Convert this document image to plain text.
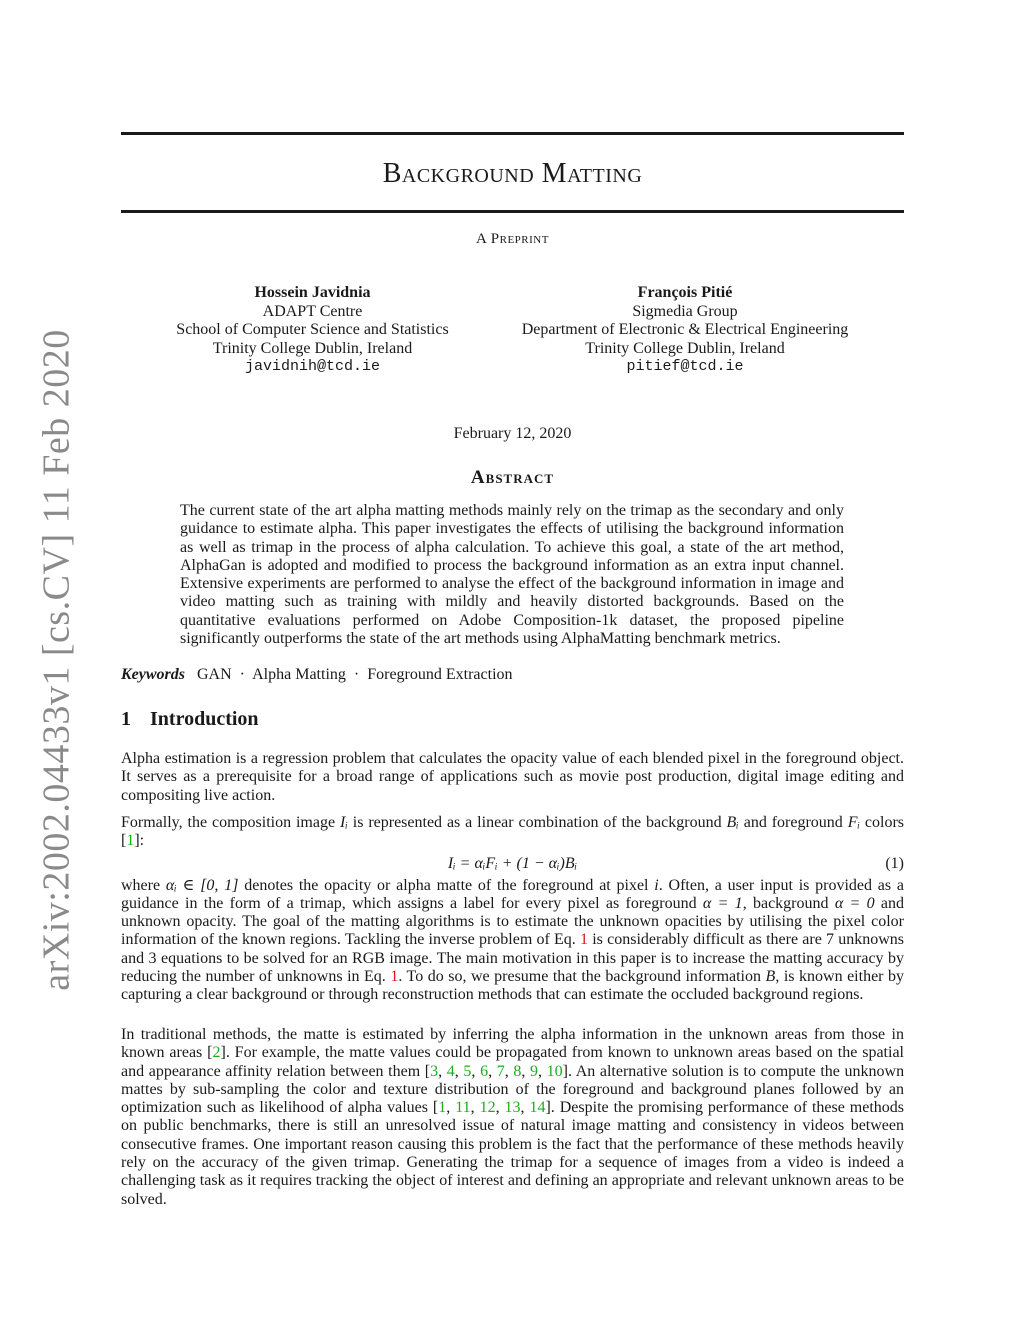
arXiv:2002.04433v1 [cs.CV] 11 Feb 2020
Background Matting
A Preprint
Hossein Javidnia
ADAPT Centre
School of Computer Science and Statistics
Trinity College Dublin, Ireland
javidnih@tcd.ie
François Pitié
Sigmedia Group
Department of Electronic & Electrical Engineering
Trinity College Dublin, Ireland
pitief@tcd.ie
February 12, 2020
Abstract

The current state of the art alpha matting methods mainly rely on the trimap as the secondary and only guidance to estimate alpha. This paper investigates the effects of utilising the background information as well as trimap in the process of alpha calculation. To achieve this goal, a state of the art method, AlphaGan is adopted and modified to process the background information as an extra input channel. Extensive experiments are performed to analyse the effect of the background information in image and video matting such as training with mildly and heavily distorted backgrounds. Based on the quantitative evaluations performed on Adobe Composition-1k dataset, the proposed pipeline significantly outperforms the state of the art methods using AlphaMatting benchmark metrics.

Keywords GAN · Alpha Matting · Foreground Extraction
1 Introduction

Alpha estimation is a regression problem that calculates the opacity value of each blended pixel in the foreground object. It serves as a prerequisite for a broad range of applications such as movie post production, digital image editing and compositing live action.

Formally, the composition image Iᵢ is represented as a linear combination of the background Bᵢ and foreground Fᵢ colors [1]:

Iᵢ = αᵢFᵢ + (1 − αᵢ)Bᵢ	(1)

where αᵢ ∈ [0, 1] denotes the opacity or alpha matte of the foreground at pixel i. Often, a user input is provided as a guidance in the form of a trimap, which assigns a label for every pixel as foreground α = 1, background α = 0 and unknown opacity. The goal of the matting algorithms is to estimate the unknown opacities by utilising the pixel color information of the known regions. Tackling the inverse problem of Eq. 1 is considerably difficult as there are 7 unknowns and 3 equations to be solved for an RGB image. The main motivation in this paper is to increase the matting accuracy by reducing the number of unknowns in Eq. 1. To do so, we presume that the background information B, is known either by capturing a clear background or through reconstruction methods that can estimate the occluded background regions.

In traditional methods, the matte is estimated by inferring the alpha information in the unknown areas from those in known areas [2]. For example, the matte values could be propagated from known to unknown areas based on the spatial and appearance affinity relation between them [3, 4, 5, 6, 7, 8, 9, 10]. An alternative solution is to compute the unknown mattes by sub-sampling the color and texture distribution of the foreground and background planes followed by an optimization such as likelihood of alpha values [1, 11, 12, 13, 14]. Despite the promising performance of these methods on public benchmarks, there is still an unresolved issue of natural image matting and consistency in videos between consecutive frames. One important reason causing this problem is the fact that the performance of these methods heavily rely on the accuracy of the given trimap. Generating the trimap for a sequence of images from a video is indeed a challenging task as it requires tracking the object of interest and defining an appropriate and relevant unknown areas to be solved.
